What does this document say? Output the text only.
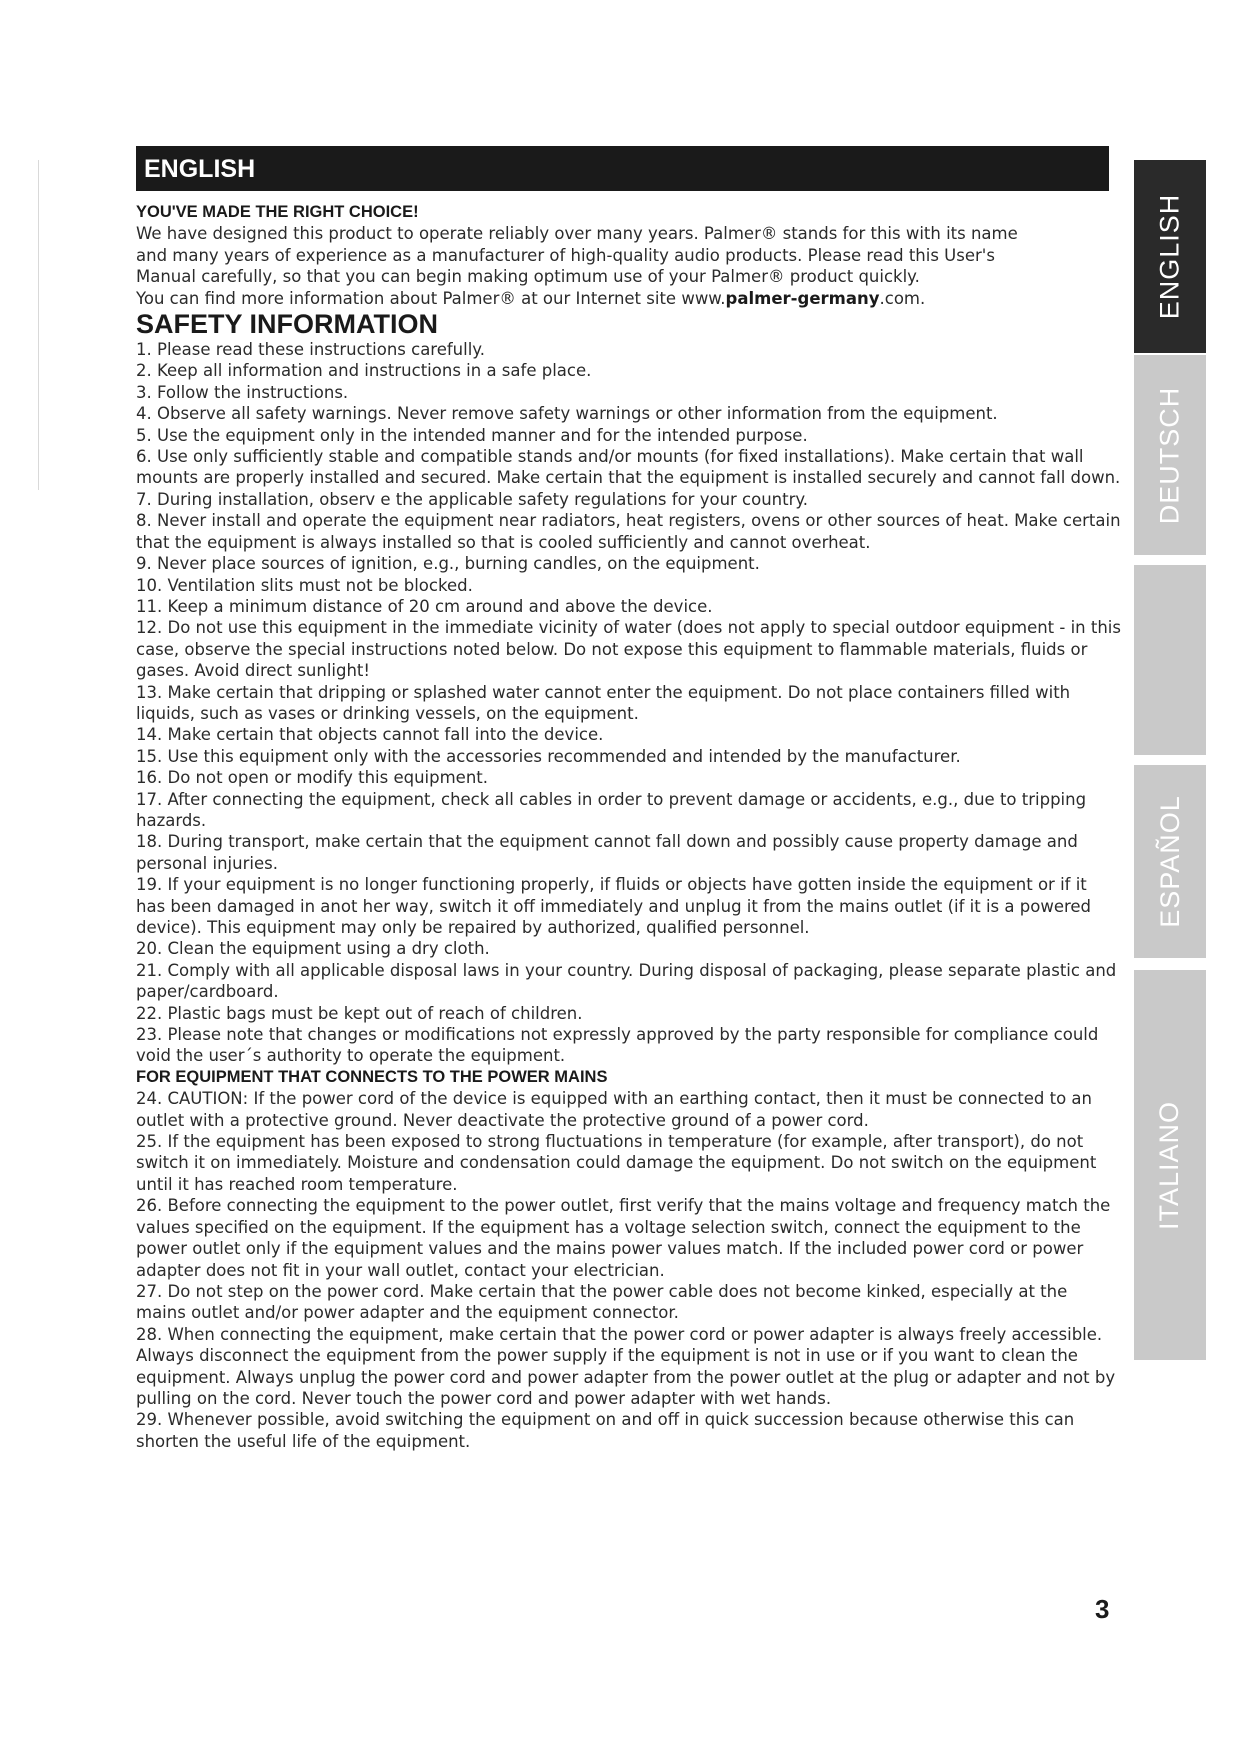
ENGLISH

YOU'VE MADE THE RIGHT CHOICE!

We have designed this product to operate reliably over many years. Palmer® stands for this with its name
and many years of experience as a manufacturer of high-quality audio products. Please read this User's
Manual carefully, so that you can begin making optimum use of your Palmer® product quickly.
You can find more information about Palmer® at our Internet site www.palmer-germany.com.

SAFETY INFORMATION

1. Please read these instructions carefully.

2. Keep all information and instructions in a safe place.

3. Follow the instructions.

4. Observe all safety warnings. Never remove safety warnings or other information from the equipment.

5. Use the equipment only in the intended manner and for the intended purpose.

6. Use only sufficiently stable and compatible stands and/or mounts (for fixed installations). Make certain that wall mounts are properly installed and secured. Make certain that the equipment is installed securely and cannot fall down.

7. During installation, observ e the applicable safety regulations for your country.

8. Never install and operate the equipment near radiators, heat registers, ovens or other sources of heat. Make certain that the equipment is always installed so that is cooled sufficiently and cannot overheat.

9. Never place sources of ignition, e.g., burning candles, on the equipment.

10. Ventilation slits must not be blocked.

11. Keep a minimum distance of 20 cm around and above the device.

12. Do not use this equipment in the immediate vicinity of water (does not apply to special outdoor equipment - in this case, observe the special instructions noted below. Do not expose this equipment to flammable materials, fluids or gases. Avoid direct sunlight!

13. Make certain that dripping or splashed water cannot enter the equipment. Do not place containers filled with liquids, such as vases or drinking vessels, on the equipment.

14. Make certain that objects cannot fall into the device.

15. Use this equipment only with the accessories recommended and intended by the manufacturer.

16. Do not open or modify this equipment.

17. After connecting the equipment, check all cables in order to prevent damage or accidents, e.g., due to tripping hazards.

18. During transport, make certain that the equipment cannot fall down and possibly cause property damage and personal injuries.

19. If your equipment is no longer functioning properly, if fluids or objects have gotten inside the equipment or if it has been damaged in anot her way, switch it off immediately and unplug it from the mains outlet (if it is a powered device). This equipment may only be repaired by authorized, qualified personnel.

20. Clean the equipment using a dry cloth.

21. Comply with all applicable disposal laws in your country. During disposal of packaging, please separate plastic and paper/cardboard.

22. Plastic bags must be kept out of reach of children.

23. Please note that changes or modifications not expressly approved by the party responsible for compliance could void the user´s authority to operate the equipment.

FOR EQUIPMENT THAT CONNECTS TO THE POWER MAINS

24. CAUTION: If the power cord of the device is equipped with an earthing contact, then it must be connected to an outlet with a protective ground. Never deactivate the protective ground of a power cord.

25. If the equipment has been exposed to strong fluctuations in temperature (for example, after transport), do not switch it on immediately. Moisture and condensation could damage the equipment. Do not switch on the equipment until it has reached room temperature.

26. Before connecting the equipment to the power outlet, first verify that the mains voltage and frequency match the values specified on the equipment. If the equipment has a voltage selection switch, connect the equipment to the power outlet only if the equipment values and the mains power values match. If the included power cord or power adapter does not fit in your wall outlet, contact your electrician.

27. Do not step on the power cord. Make certain that the power cable does not become kinked, especially at the mains outlet and/or power adapter and the equipment connector.

28. When connecting the equipment, make certain that the power cord or power adapter is always freely accessible. Always disconnect the equipment from the power supply if the equipment is not in use or if you want to clean the equipment. Always unplug the power cord and power adapter from the power outlet at the plug or adapter and not by pulling on the cord. Never touch the power cord and power adapter with wet hands.

29. Whenever possible, avoid switching the equipment on and off in quick succession because otherwise this can shorten the useful life of the equipment.

3
ENGLISH
DEUTSCH
ESPAÑOL
ITALIANO
